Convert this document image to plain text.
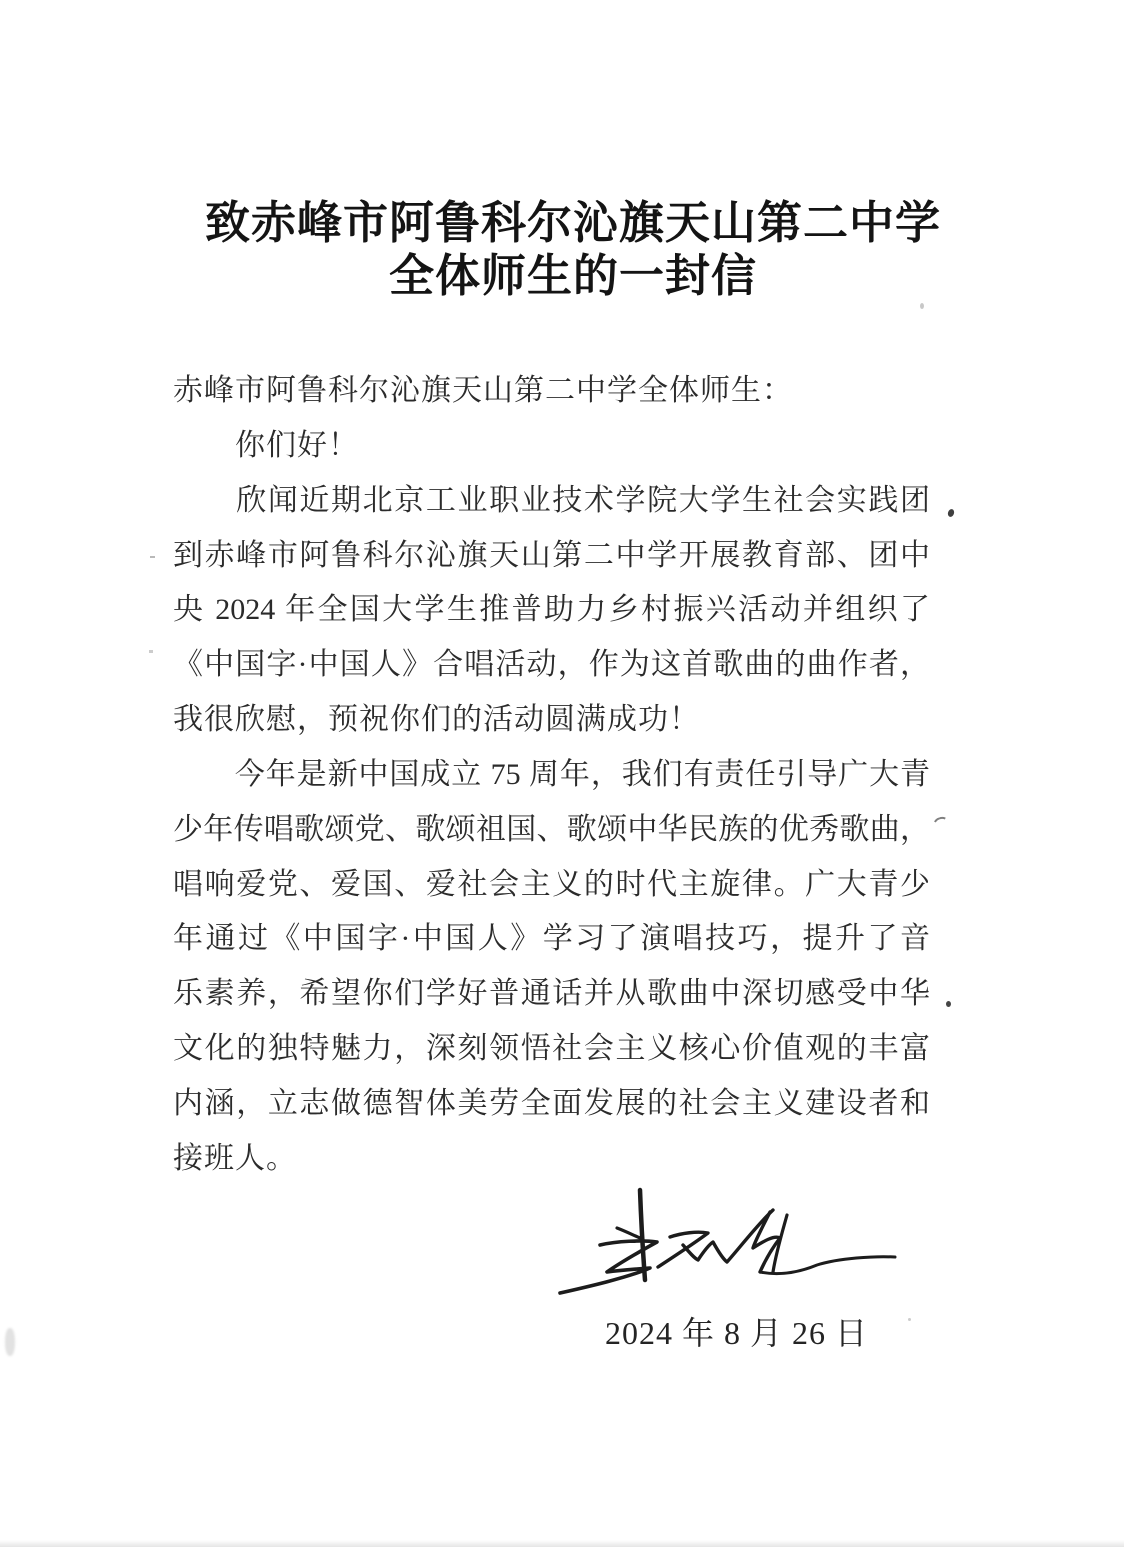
致赤峰市阿鲁科尔沁旗天山第二中学
全体师生的一封信
赤峰市阿鲁科尔沁旗天山第二中学全体师生：
　　你们好！
　　欣闻近期北京工业职业技术学院大学生社会实践团
到赤峰市阿鲁科尔沁旗天山第二中学开展教育部、团中
央 2024 年全国大学生推普助力乡村振兴活动并组织了
《中国字·中国人》合唱活动，作为这首歌曲的曲作者，
我很欣慰，预祝你们的活动圆满成功！
　　今年是新中国成立 75 周年，我们有责任引导广大青
少年传唱歌颂党、歌颂祖国、歌颂中华民族的优秀歌曲，
唱响爱党、爱国、爱社会主义的时代主旋律。广大青少
年通过《中国字·中国人》学习了演唱技巧，提升了音
乐素养，希望你们学好普通话并从歌曲中深切感受中华
文化的独特魅力，深刻领悟社会主义核心价值观的丰富
内涵，立志做德智体美劳全面发展的社会主义建设者和
接班人。
2024 年 8 月 26 日
